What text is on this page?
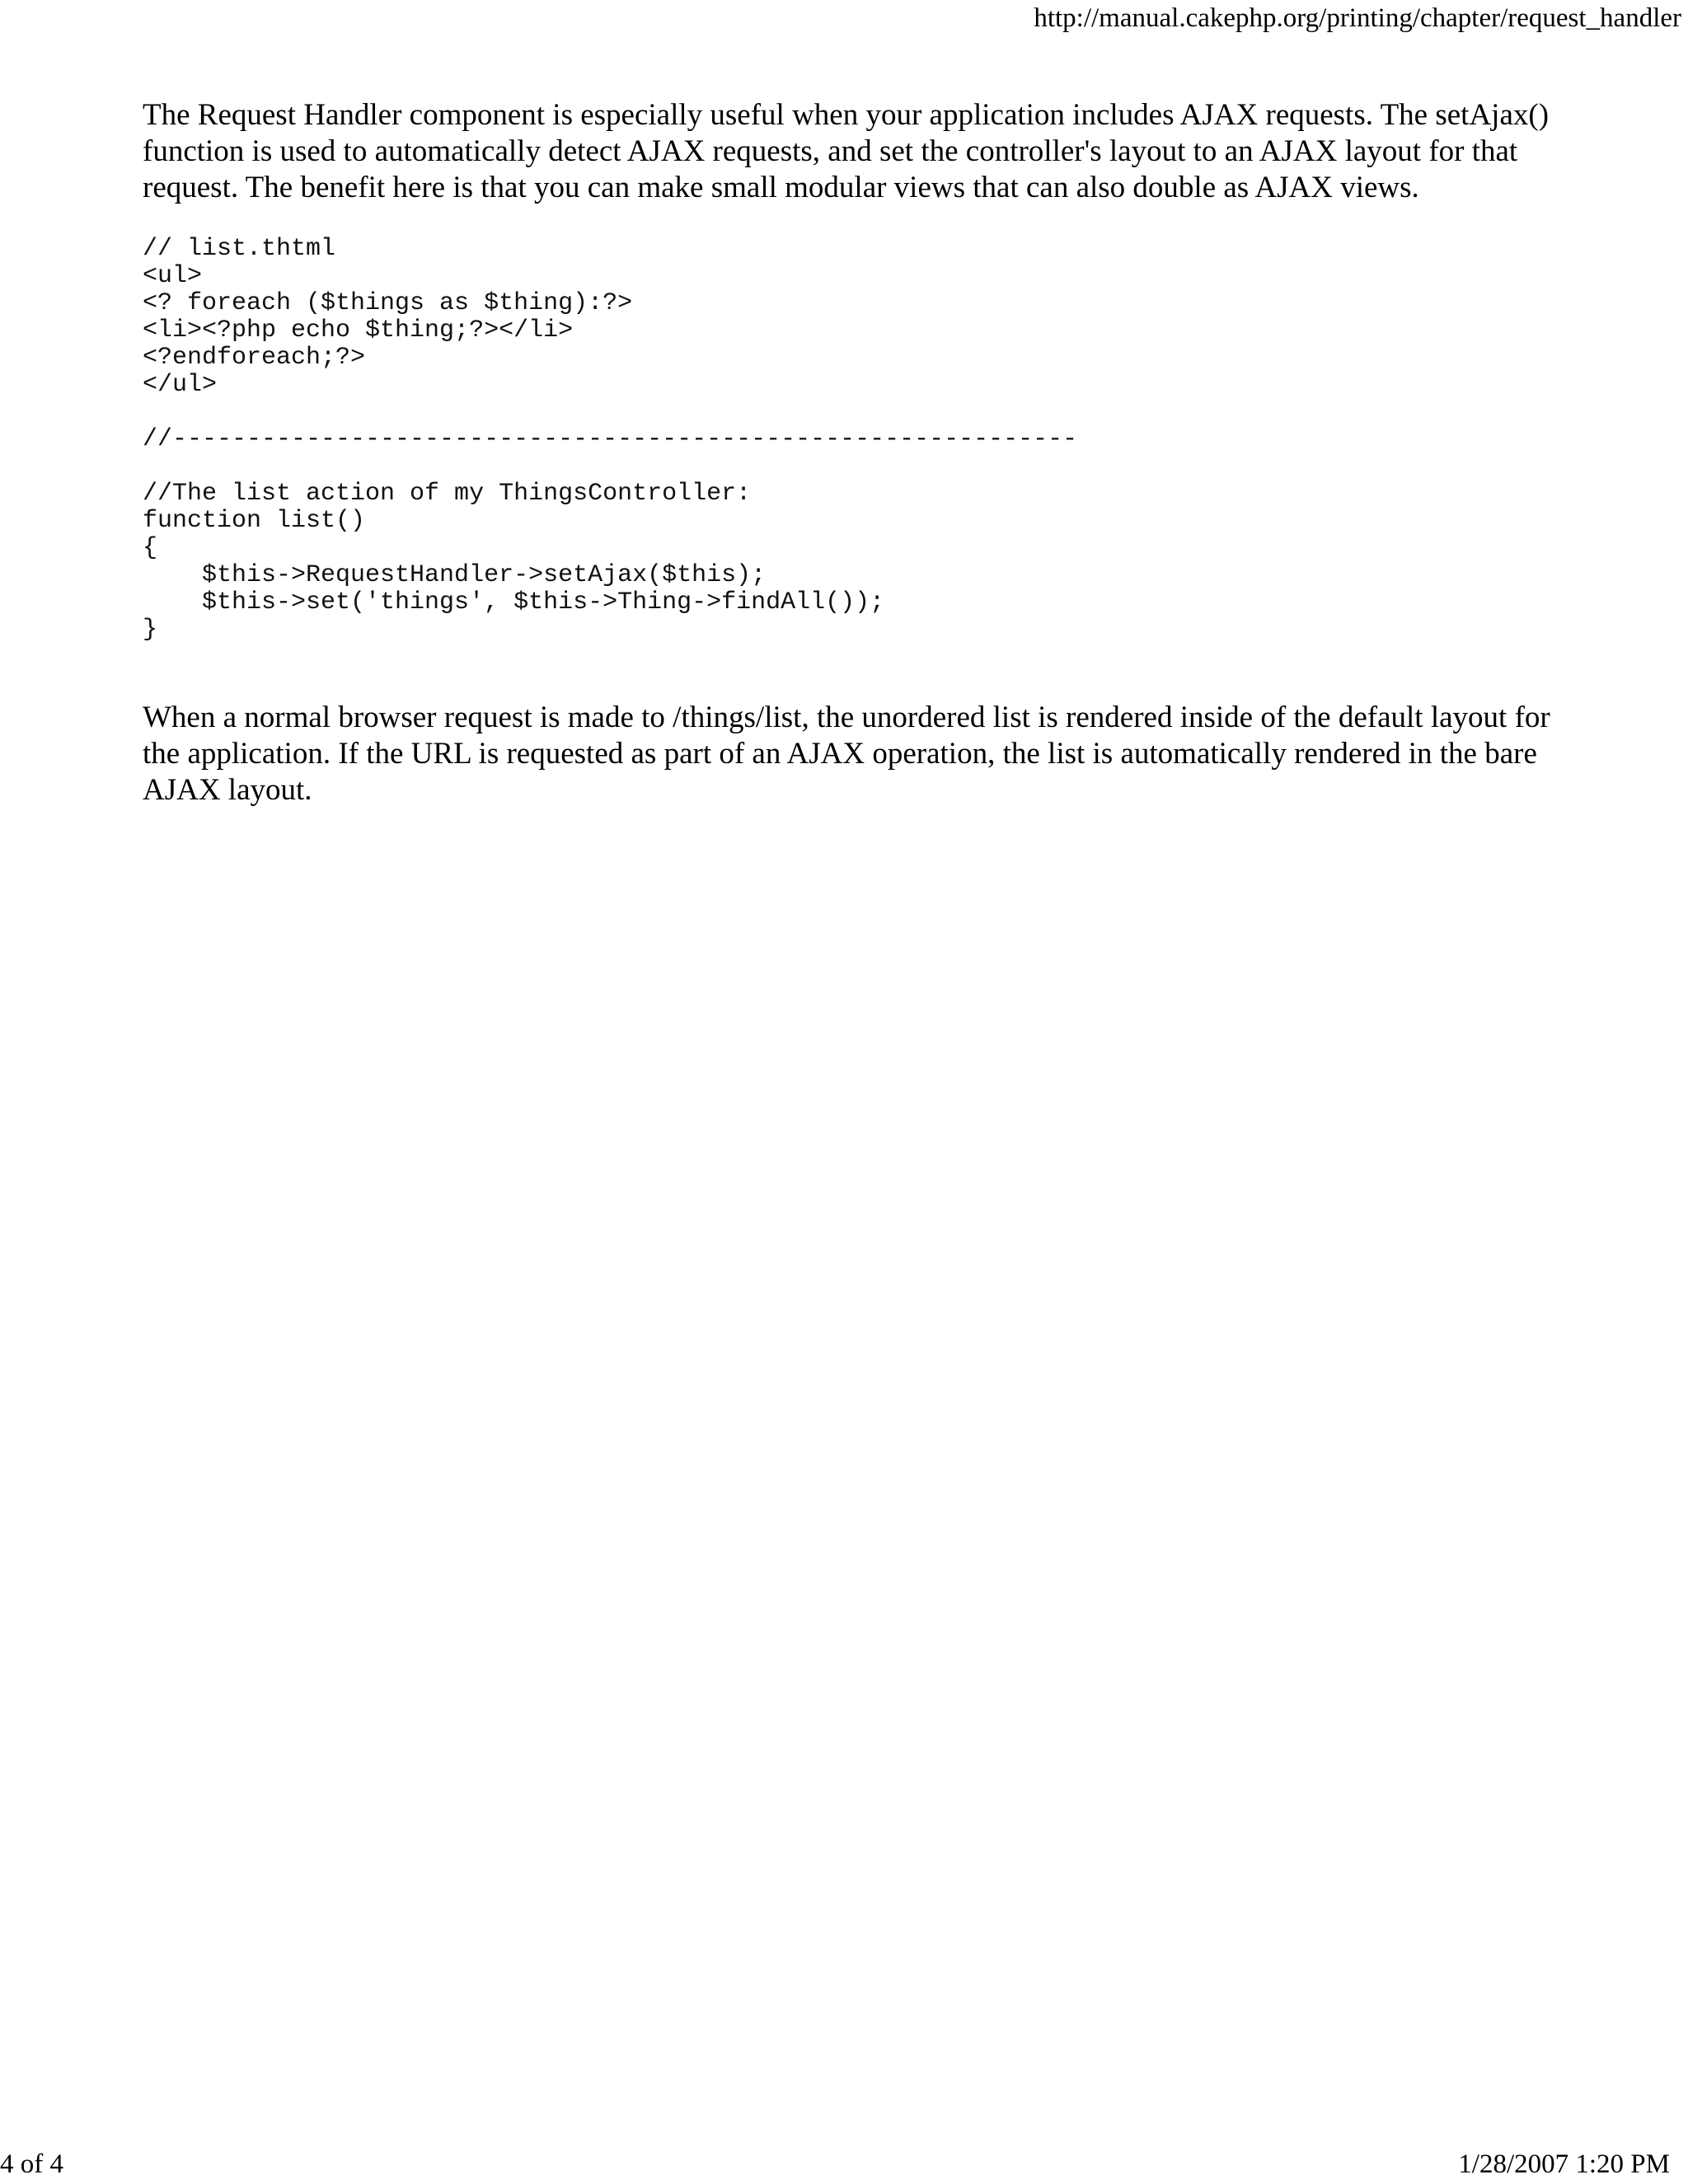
http://manual.cakephp.org/printing/chapter/request_handler

The Request Handler component is especially useful when your application includes AJAX requests. The setAjax() function is used to automatically detect AJAX requests, and set the controller's layout to an AJAX layout for that request. The benefit here is that you can make small modular views that can also double as AJAX views.

// list.thtml
<ul>
<? foreach ($things as $thing):?>
<li><?php echo $thing;?></li>
<?endforeach;?>
</ul>
//-------------------------------------------------------------
//The list action of my ThingsController:
function list()
{
$this->RequestHandler->setAjax($this);
$this->set('things', $this->Thing->findAll());
}

When a normal browser request is made to /things/list, the unordered list is rendered inside of the default layout for the application. If the URL is requested as part of an AJAX operation, the list is automatically rendered in the bare AJAX layout.

4 of 4	1/28/2007 1:20 PM
